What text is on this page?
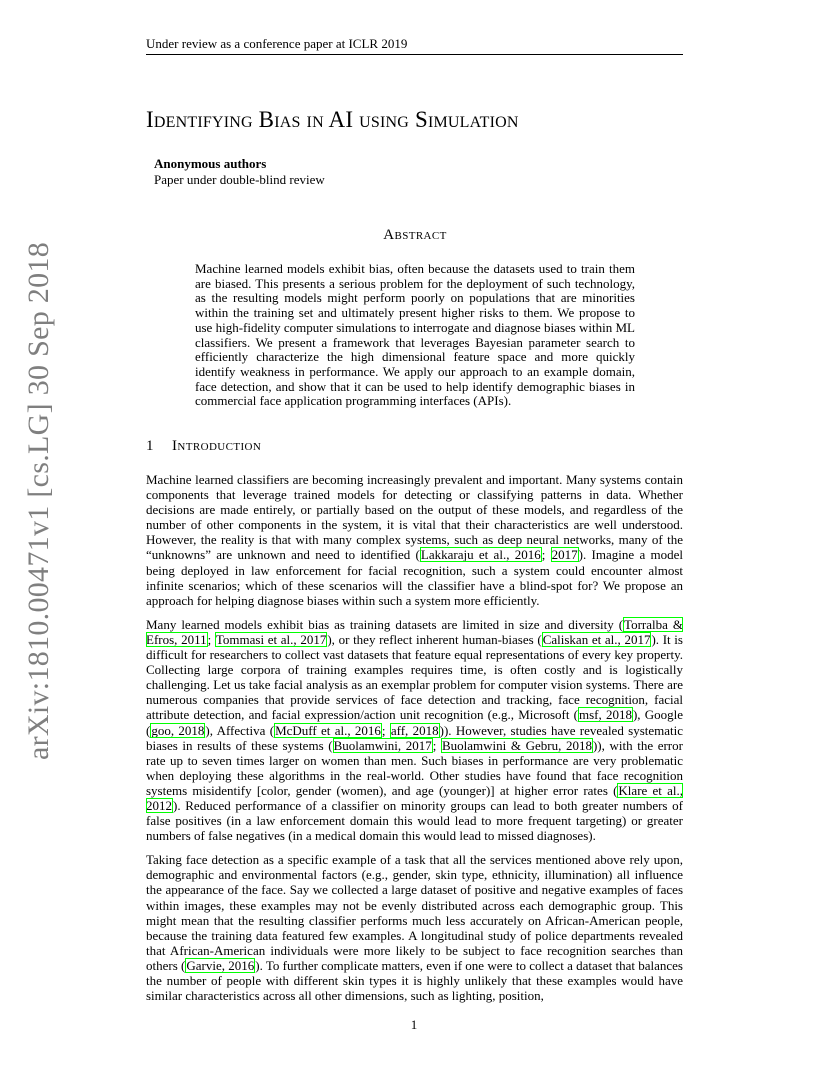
Under review as a conference paper at ICLR 2019
arXiv:1810.00471v1 [cs.LG] 30 Sep 2018
Identifying Bias in AI using Simulation
Anonymous authors
Paper under double-blind review
Abstract
Machine learned models exhibit bias, often because the datasets used to train them are biased. This presents a serious problem for the deployment of such technology, as the resulting models might perform poorly on populations that are minorities within the training set and ultimately present higher risks to them. We propose to use high-fidelity computer simulations to interrogate and diagnose biases within ML classifiers. We present a framework that leverages Bayesian parameter search to efficiently characterize the high dimensional feature space and more quickly identify weakness in performance. We apply our approach to an example domain, face detection, and show that it can be used to help identify demographic biases in commercial face application programming interfaces (APIs).
1 Introduction

Machine learned classifiers are becoming increasingly prevalent and important. Many systems contain components that leverage trained models for detecting or classifying patterns in data. Whether decisions are made entirely, or partially based on the output of these models, and regardless of the number of other components in the system, it is vital that their characteristics are well understood. However, the reality is that with many complex systems, such as deep neural networks, many of the “unknowns” are unknown and need to identified (Lakkaraju et al., 2016; 2017). Imagine a model being deployed in law enforcement for facial recognition, such a system could encounter almost infinite scenarios; which of these scenarios will the classifier have a blind-spot for? We propose an approach for helping diagnose biases within such a system more efficiently.

Many learned models exhibit bias as training datasets are limited in size and diversity (Torralba & Efros, 2011; Tommasi et al., 2017), or they reflect inherent human-biases (Caliskan et al., 2017). It is difficult for researchers to collect vast datasets that feature equal representations of every key property. Collecting large corpora of training examples requires time, is often costly and is logistically challenging. Let us take facial analysis as an exemplar problem for computer vision systems. There are numerous companies that provide services of face detection and tracking, face recognition, facial attribute detection, and facial expression/action unit recognition (e.g., Microsoft (msf, 2018), Google (goo, 2018), Affectiva (McDuff et al., 2016; aff, 2018)). However, studies have revealed systematic biases in results of these systems (Buolamwini, 2017; Buolamwini & Gebru, 2018)), with the error rate up to seven times larger on women than men. Such biases in performance are very problematic when deploying these algorithms in the real-world. Other studies have found that face recognition systems misidentify [color, gender (women), and age (younger)] at higher error rates (Klare et al., 2012). Reduced performance of a classifier on minority groups can lead to both greater numbers of false positives (in a law enforcement domain this would lead to more frequent targeting) or greater numbers of false negatives (in a medical domain this would lead to missed diagnoses).

Taking face detection as a specific example of a task that all the services mentioned above rely upon, demographic and environmental factors (e.g., gender, skin type, ethnicity, illumination) all influence the appearance of the face. Say we collected a large dataset of positive and negative examples of faces within images, these examples may not be evenly distributed across each demographic group. This might mean that the resulting classifier performs much less accurately on African-American people, because the training data featured few examples. A longitudinal study of police departments revealed that African-American individuals were more likely to be subject to face recognition searches than others (Garvie, 2016). To further complicate matters, even if one were to collect a dataset that balances the number of people with different skin types it is highly unlikely that these examples would have similar characteristics across all other dimensions, such as lighting, position,

1
